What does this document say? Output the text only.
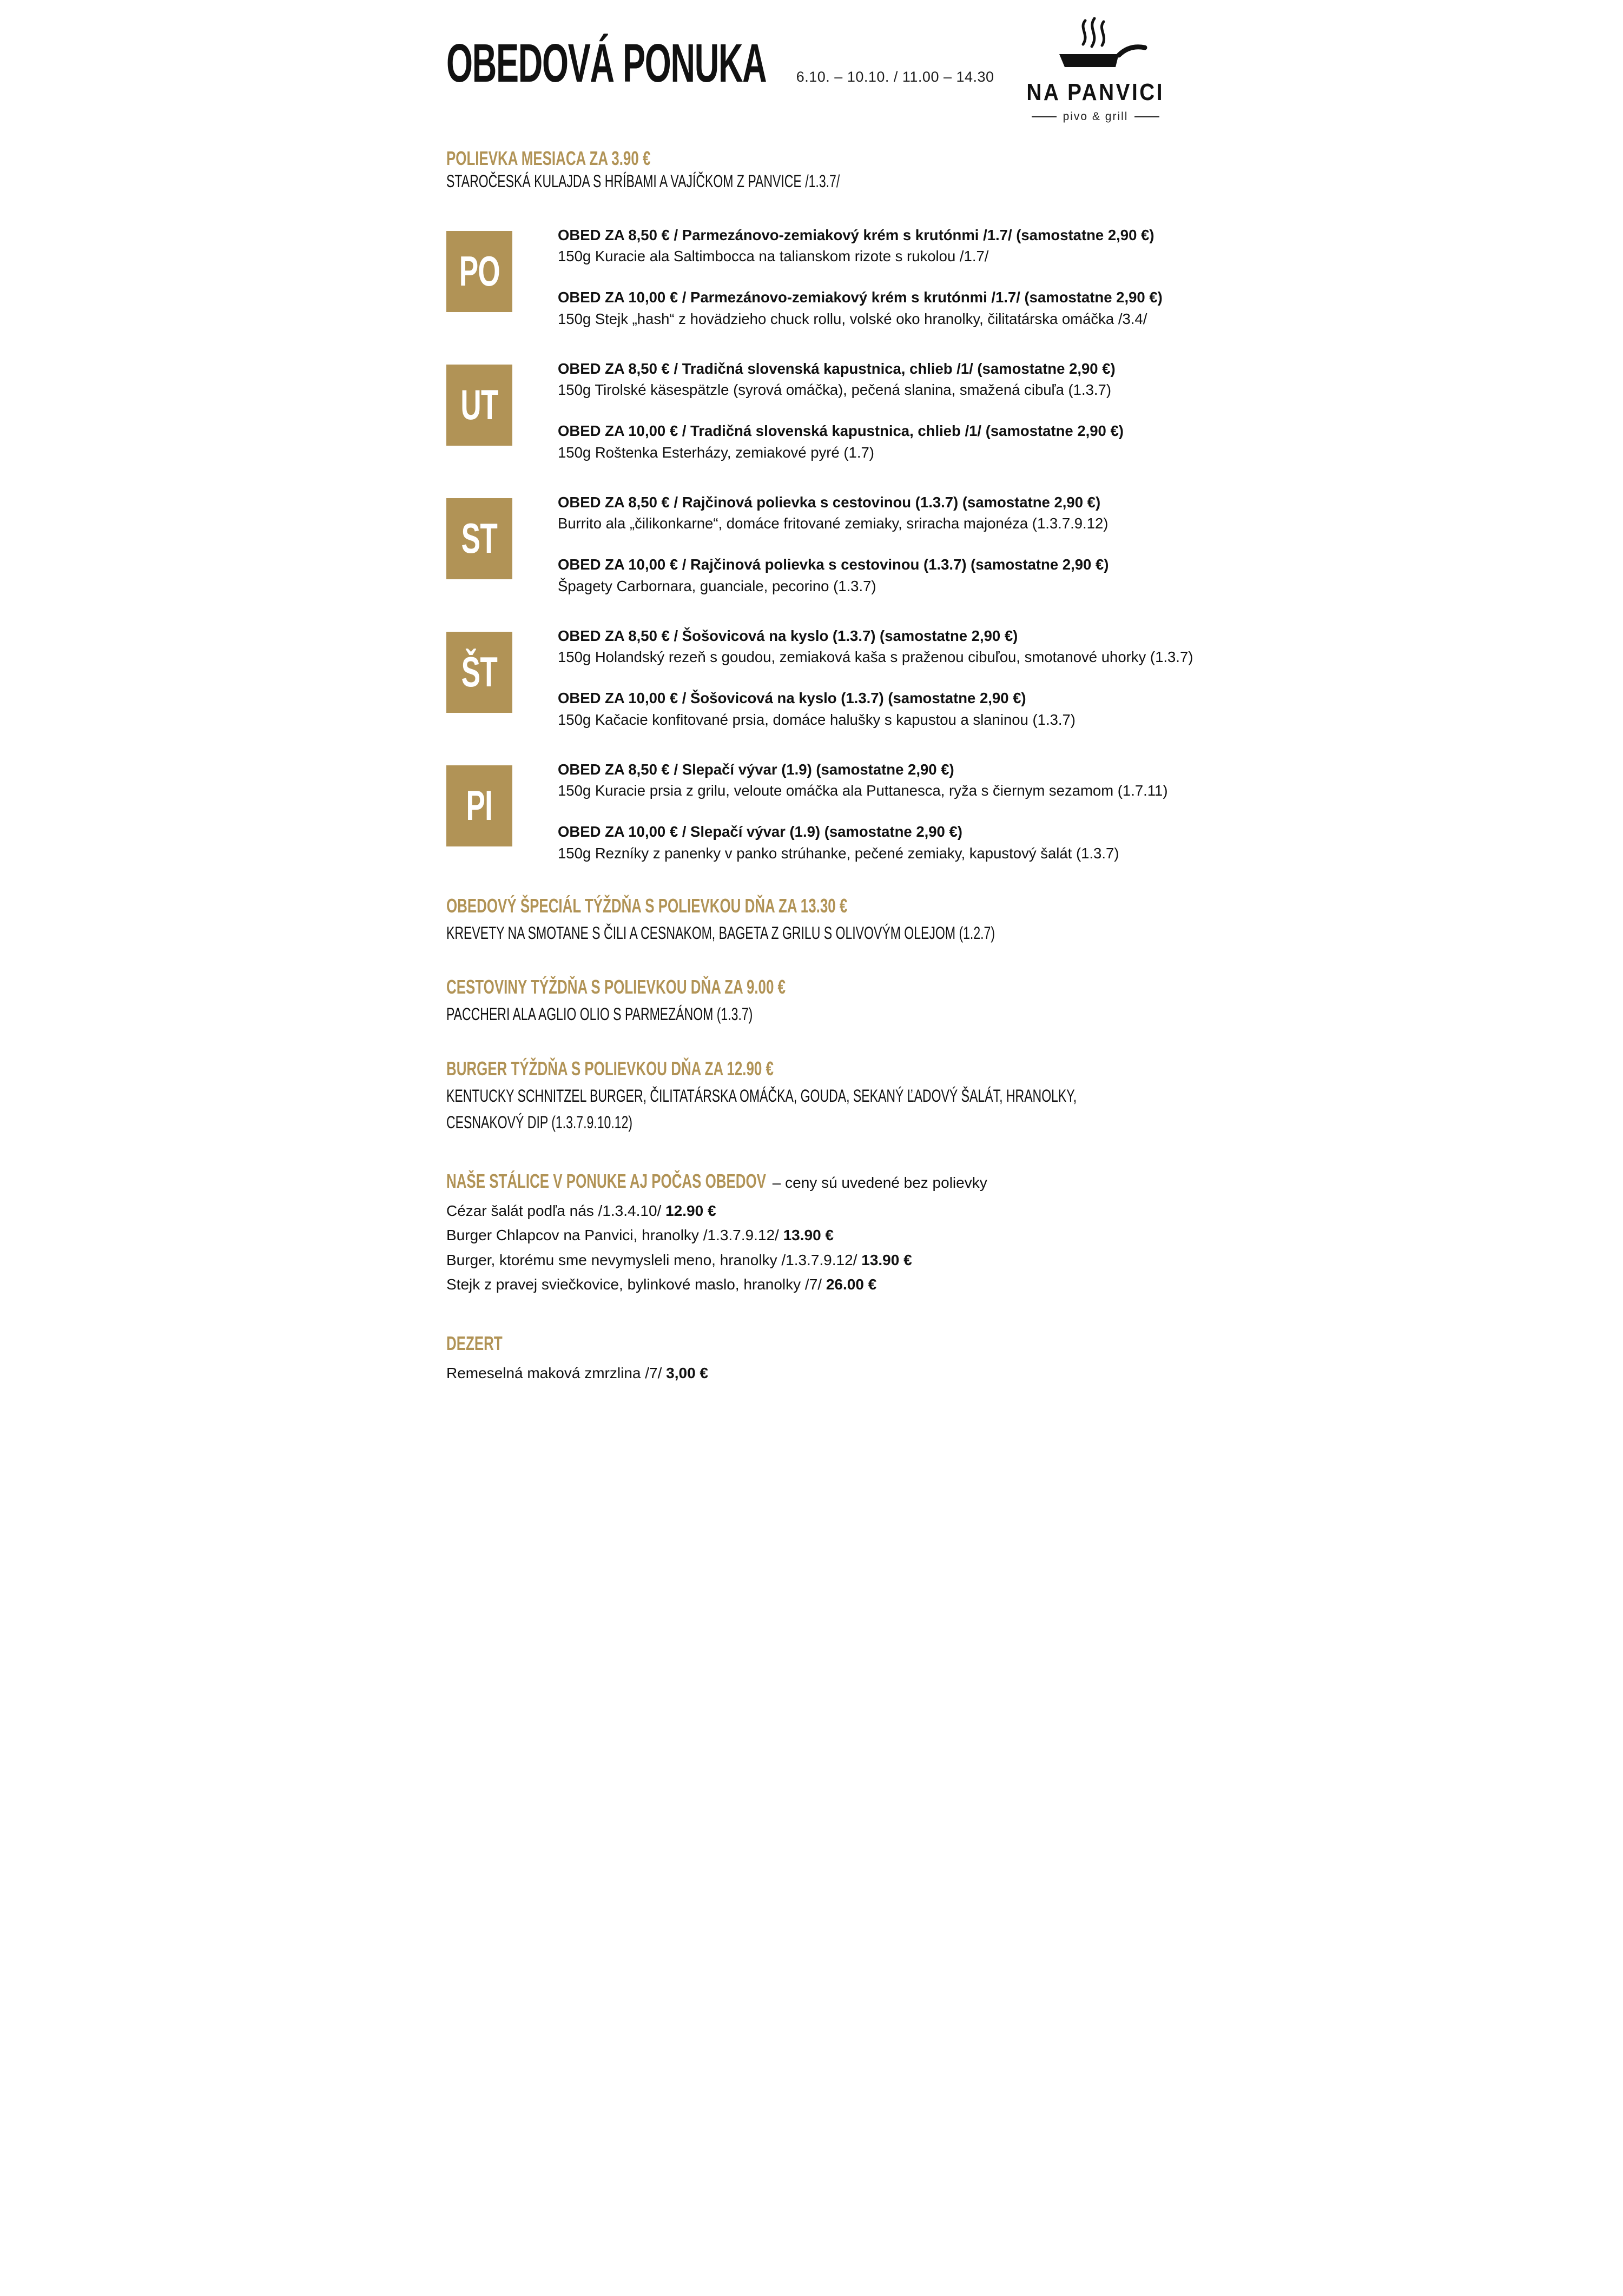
OBEDOVÁ PONUKA 6.10. – 10.10. / 11.00 – 14.30
NA PANVICI
pivo & grill
POLIEVKA MESIACA ZA 3.90 €
STAROČESKÁ KULAJDA S HRÍBAMI A VAJÍČKOM Z PANVICE /1.3.7/
PO
OBED ZA 8,50 € / Parmezánovo-zemiakový krém s krutónmi /1.7/ (samostatne 2,90 €)
150g Kuracie ala Saltimbocca na talianskom rizote s rukolou /1.7/
OBED ZA 10,00 € / Parmezánovo-zemiakový krém s krutónmi /1.7/ (samostatne 2,90 €)
150g Stejk „hash“ z hovädzieho chuck rollu, volské oko hranolky, čilitatárska omáčka /3.4/
UT
OBED ZA 8,50 € / Tradičná slovenská kapustnica, chlieb /1/ (samostatne 2,90 €)
150g Tirolské käsespätzle (syrová omáčka), pečená slanina, smažená cibuľa (1.3.7)
OBED ZA 10,00 € / Tradičná slovenská kapustnica, chlieb /1/ (samostatne 2,90 €)
150g Roštenka Esterházy, zemiakové pyré (1.7)
ST
OBED ZA 8,50 € / Rajčinová polievka s cestovinou (1.3.7) (samostatne 2,90 €)
Burrito ala „čilikonkarne“, domáce fritované zemiaky, sriracha majonéza (1.3.7.9.12)
OBED ZA 10,00 € / Rajčinová polievka s cestovinou (1.3.7) (samostatne 2,90 €)
Špagety Carbornara, guanciale, pecorino (1.3.7)
ŠT
OBED ZA 8,50 € / Šošovicová na kyslo (1.3.7) (samostatne 2,90 €)
150g Holandský rezeň s goudou, zemiaková kaša s praženou cibuľou, smotanové uhorky (1.3.7)
OBED ZA 10,00 € / Šošovicová na kyslo (1.3.7) (samostatne 2,90 €)
150g Kačacie konfitované prsia, domáce halušky s kapustou a slaninou (1.3.7)
PI
OBED ZA 8,50 € / Slepačí vývar (1.9) (samostatne 2,90 €)
150g Kuracie prsia z grilu, veloute omáčka ala Puttanesca, ryža s čiernym sezamom (1.7.11)
OBED ZA 10,00 € / Slepačí vývar (1.9) (samostatne 2,90 €)
150g Rezníky z panenky v panko strúhanke, pečené zemiaky, kapustový šalát (1.3.7)
OBEDOVÝ ŠPECIÁL TÝŽDŇA S POLIEVKOU DŇA ZA 13.30 €
KREVETY NA SMOTANE S ČILI A CESNAKOM, BAGETA Z GRILU S OLIVOVÝM OLEJOM (1.2.7)
CESTOVINY TÝŽDŇA S POLIEVKOU DŇA ZA 9.00 €
PACCHERI ALA AGLIO OLIO S PARMEZÁNOM (1.3.7)
BURGER TÝŽDŇA S POLIEVKOU DŇA ZA 12.90 €
KENTUCKY SCHNITZEL BURGER, ČILITATÁRSKA OMÁČKA, GOUDA, SEKANÝ ĽADOVÝ ŠALÁT, HRANOLKY,
CESNAKOVÝ DIP (1.3.7.9.10.12)
NAŠE STÁLICE V PONUKE AJ POČAS OBEDOV – ceny sú uvedené bez polievky
Cézar šalát podľa nás /1.3.4.10/ 12.90 €
Burger Chlapcov na Panvici, hranolky /1.3.7.9.12/ 13.90 €
Burger, ktorému sme nevymysleli meno, hranolky /1.3.7.9.12/ 13.90 €
Stejk z pravej sviečkovice, bylinkové maslo, hranolky /7/ 26.00 €
DEZERT
Remeselná maková zmrzlina /7/ 3,00 €
